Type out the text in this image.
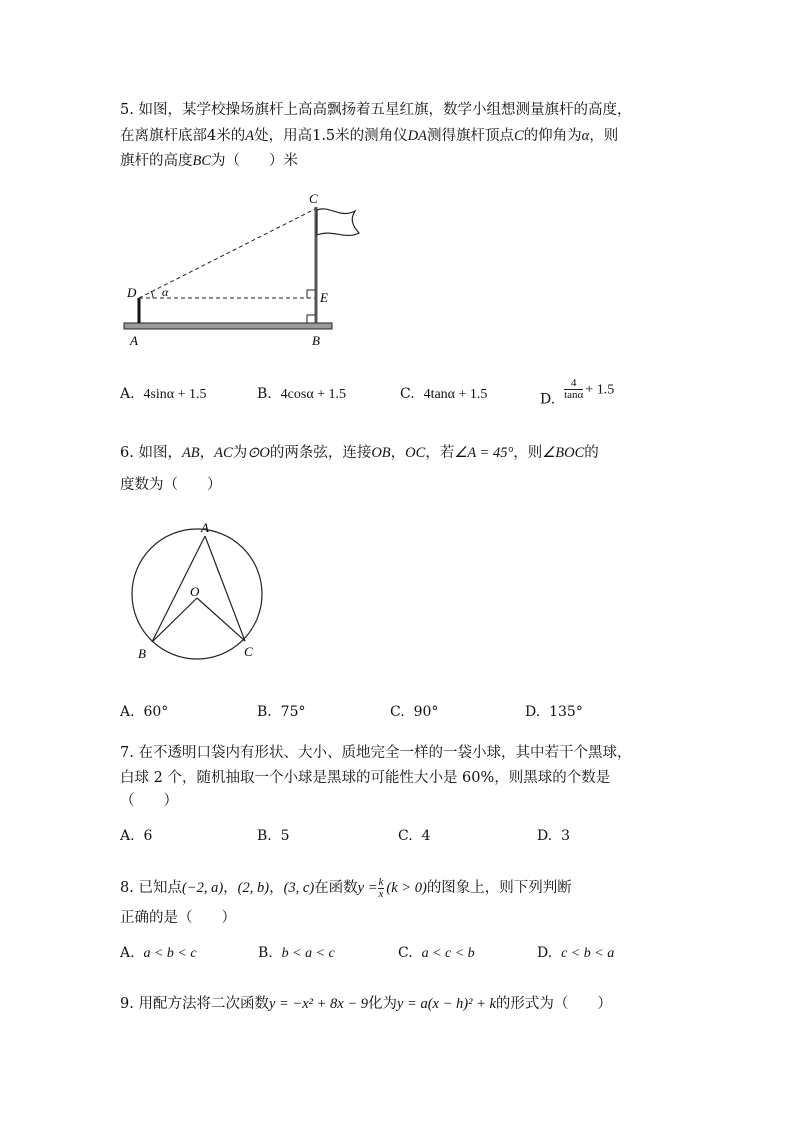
5. 如图，某学校操场旗杆上高高飘扬着五星红旗，数学小组想测量旗杆的高度，
在离旗杆底部4米的A处，用高1.5米的测角仪DA测得旗杆顶点C的仰角为α，则
旗杆的高度BC为（　　）米
C
D α	E
A	B
A. 4sinα + 1.5	B. 4cosα + 1.5	C. 4tanα + 1.5	D. $\frac{4}{\tan\alpha} + 1.5$
6. 如图，AB，AC为⊙O的两条弦，连接OB，OC，若∠A = 45°，则∠BOC的
度数为（　　）
A
O
B	C
A. 60°	B. 75°	C. 90°	D. 135°
7. 在不透明口袋内有形状、大小、质地完全一样的一袋小球，其中若干个黑球，
白球 2 个，随机抽取一个小球是黑球的可能性大小是 60%，则黑球的个数是
（　　）
A. 6	B. 5	C. 4	D. 3
8. 已知点(−2, a)，(2, b)，(3, c)在函数$y = \frac{k}{x} (k > 0)$的图象上，则下列判断
正确的是（　　）
A. a < b < c	B. b < a < c	C. a < c < b	D. c < b < a
9. 用配方法将二次函数y = −x² + 8x − 9化为y = a(x − h)² + k的形式为（　　）
